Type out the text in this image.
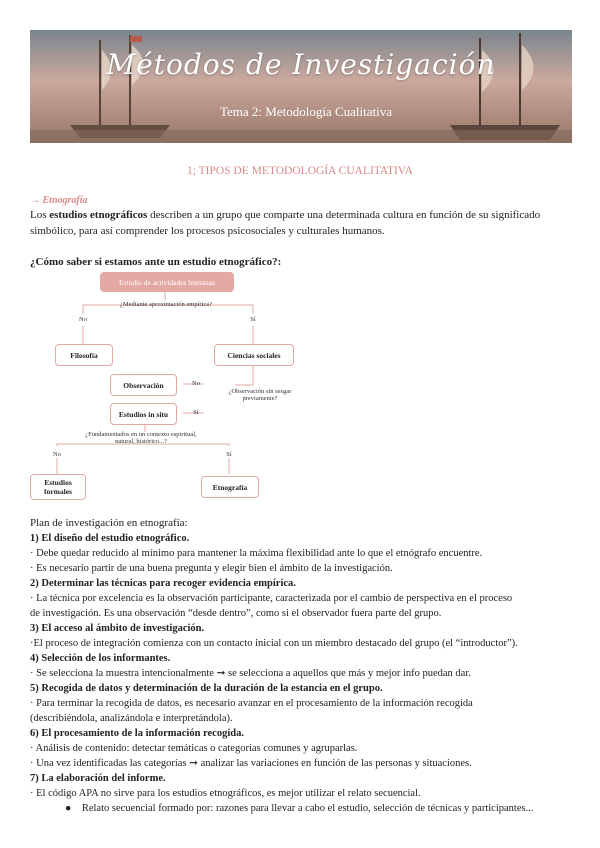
Métodos de Investigación
Tema 2: Metodología Cualitativa
1; TIPOS DE METODOLOGÍA CUALITATIVA
→ Etnografía
Los estudios etnográficos describen a un grupo que comparte una determinada cultura en función de su significado simbólico, para así comprender los procesos psicosociales y culturales humanos.
¿Cómo saber si estamos ante un estudio etnográfico?:
Estudio de actividades humanas
¿Mediante aproximación empírica?
No	Sí
Filosofía	Ciencias sociales
Observación	No
¿Observación sin sesgar previamente?
Estudios in situ	Sí
¿Fundamentados en un contexto espiritual, natural, histórico...?
No	Sí
Estudios formales	Etnografía
Plan de investigación en etnografía:
1) El diseño del estudio etnográfico.
· Debe quedar reducido al mínimo para mantener la máxima flexibilidad ante lo que el etnógrafo encuentre.
· Es necesario partir de una buena pregunta y elegir bien el ámbito de la investigación.
2) Determinar las técnicas para recoger evidencia empírica.
· La técnica por excelencia es la observación participante, caracterizada por el cambio de perspectiva en el proceso
de investigación. Es una observación “desde dentro”, como si el observador fuera parte del grupo.
3) El acceso al ámbito de investigación.
·El proceso de integración comienza con un contacto inicial con un miembro destacado del grupo (el “introductor”).
4) Selección de los informantes.
· Se selecciona la muestra intencionalmente ➞ se selecciona a aquellos que más y mejor info puedan dar.
5) Recogida de datos y determinación de la duración de la estancia en el grupo.
· Para terminar la recogida de datos, es necesario avanzar en el procesamiento de la información recogida
(describiéndola, analizándola e interpretándola).
6) El procesamiento de la información recogida.
· Análisis de contenido: detectar temáticas o categorías comunes y agruparlas.
· Una vez identificadas las categorías ➞ analizar las variaciones en función de las personas y situaciones.
7) La elaboración del informe.
· El código APA no sirve para los estudios etnográficos, es mejor utilizar el relato secuencial.
●    Relato secuencial formado por: razones para llevar a cabo el estudio, selección de técnicas y participantes...
